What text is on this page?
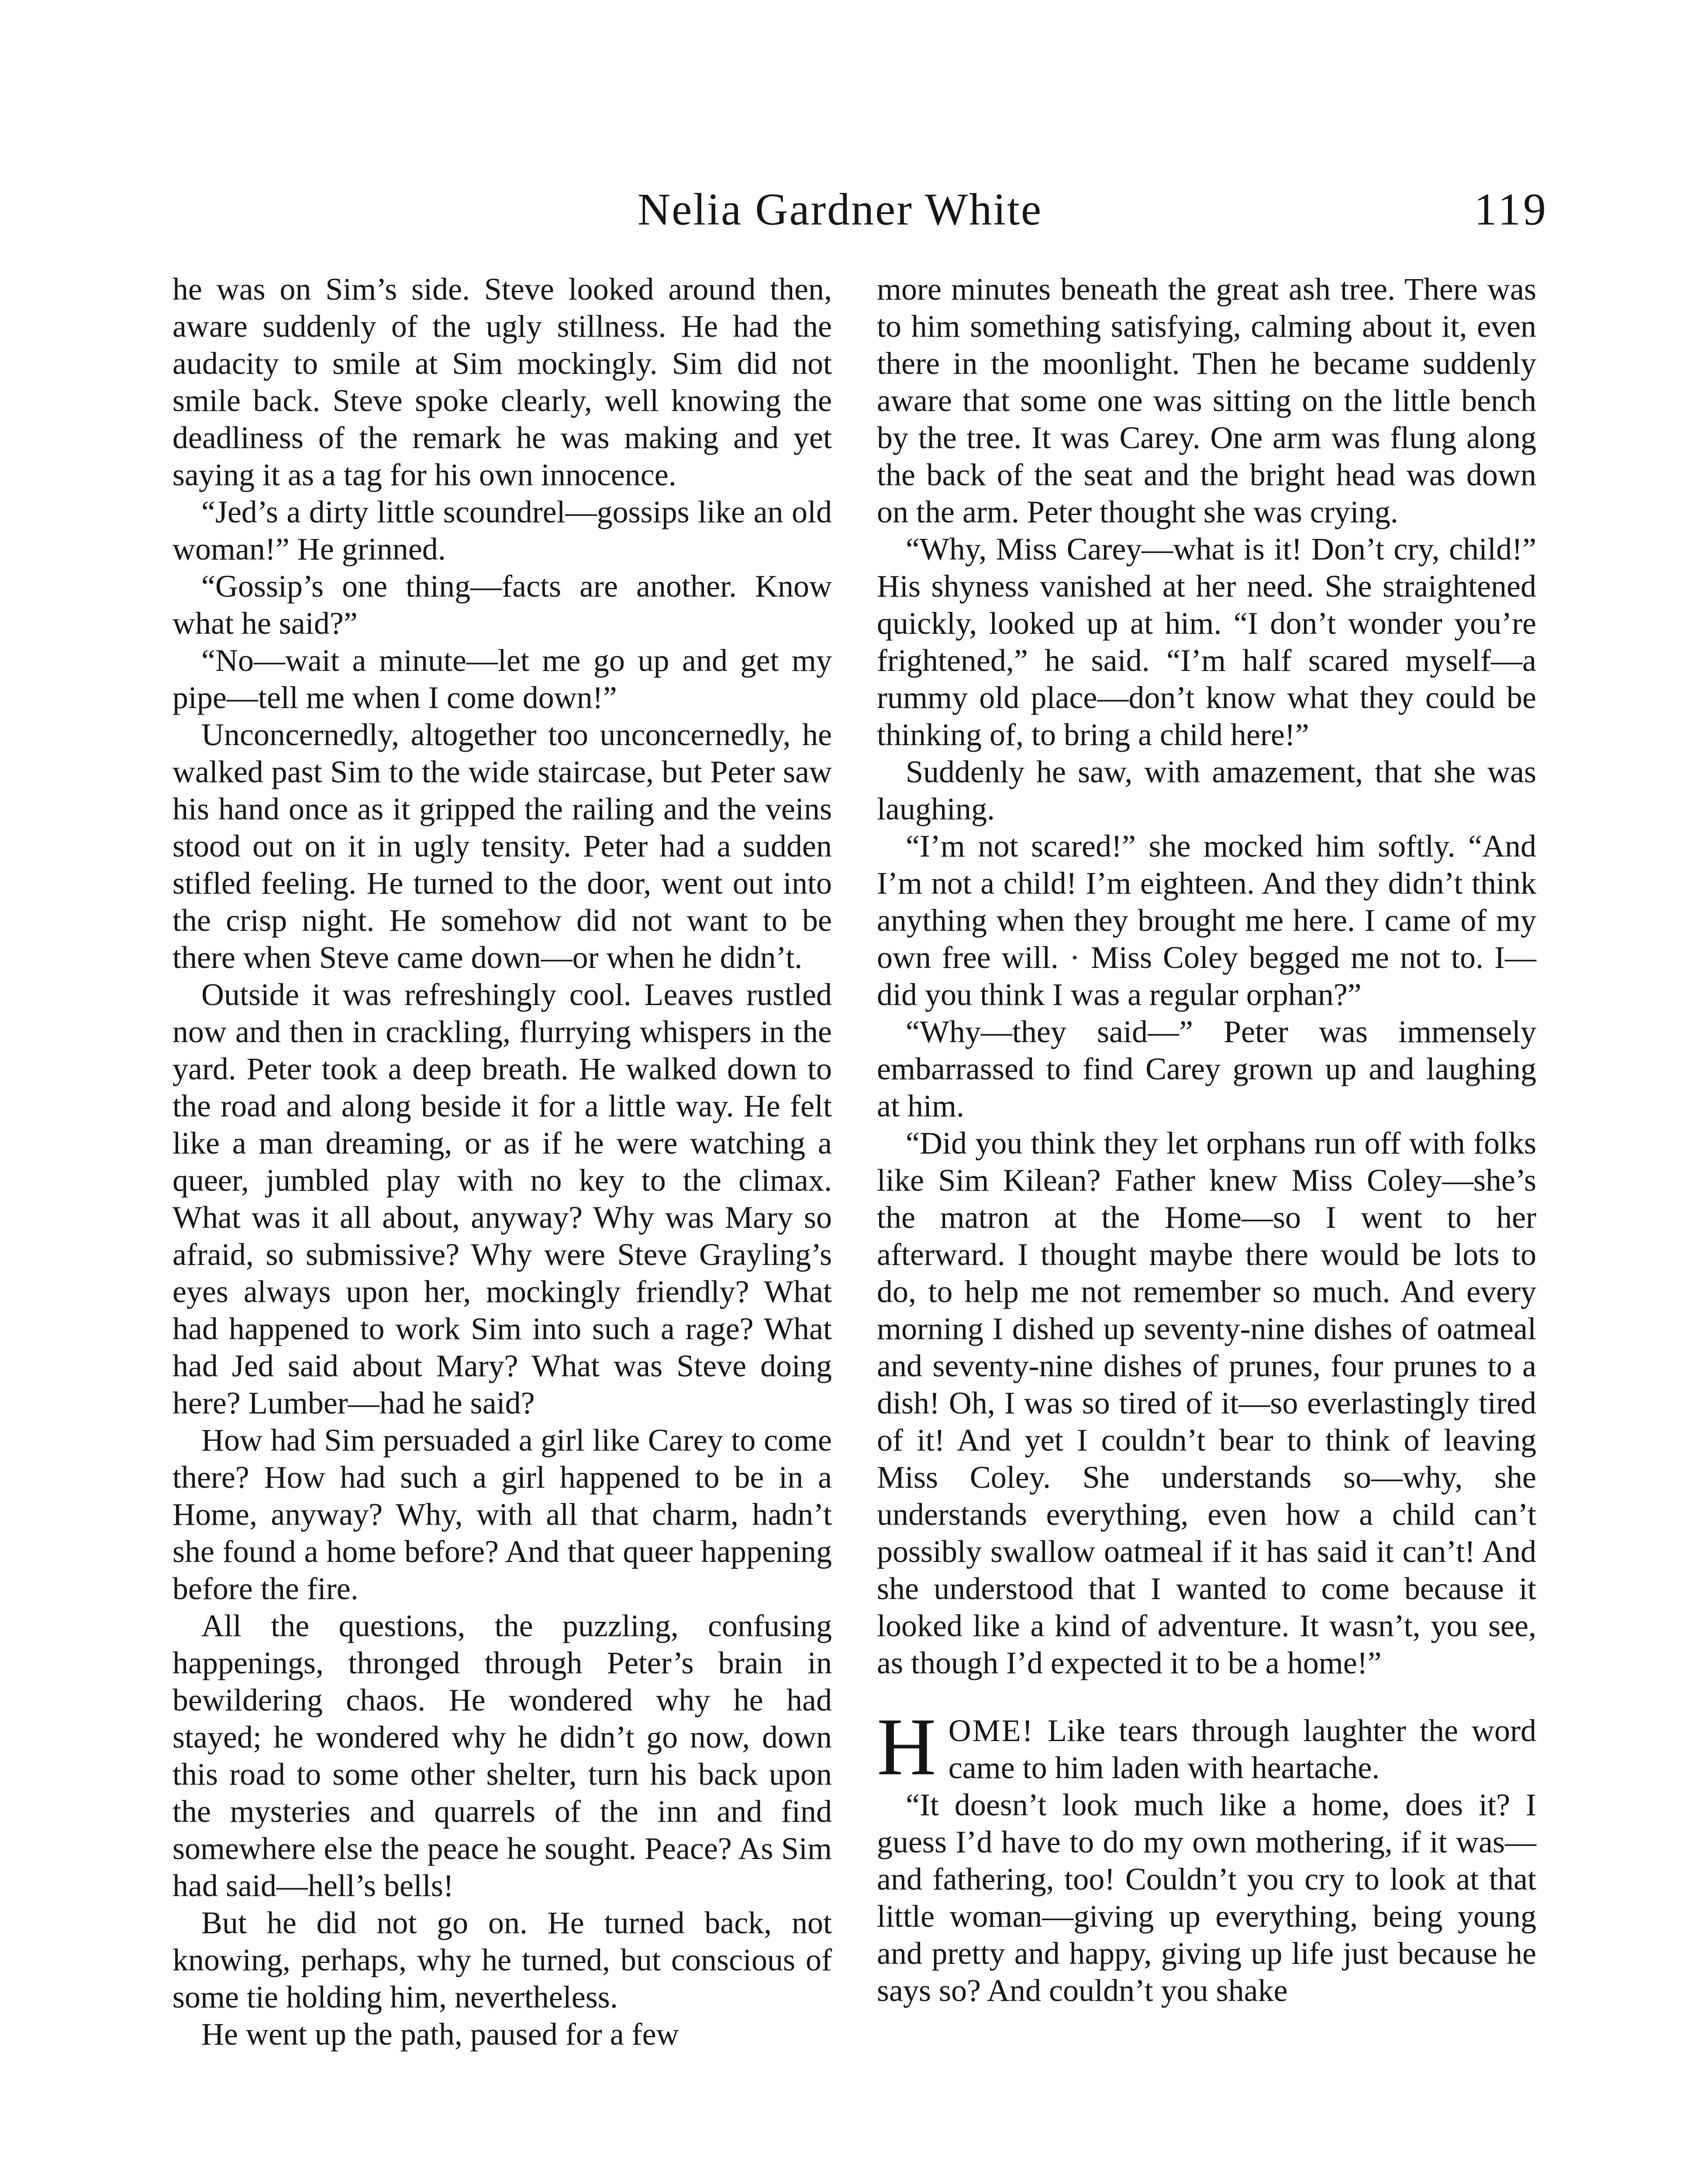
Nelia Gardner White	119

he was on Sim’s side. Steve looked around then, aware suddenly of the ugly stillness. He had the audacity to smile at Sim mockingly. Sim did not smile back. Steve spoke clearly, well knowing the deadliness of the remark he was making and yet saying it as a tag for his own innocence.

“Jed’s a dirty little scoundrel—gossips like an old woman!” He grinned.

“Gossip’s one thing—facts are another. Know what he said?”

“No—wait a minute—let me go up and get my pipe—tell me when I come down!”

Unconcernedly, altogether too unconcernedly, he walked past Sim to the wide staircase, but Peter saw his hand once as it gripped the railing and the veins stood out on it in ugly tensity. Peter had a sudden stifled feeling. He turned to the door, went out into the crisp night. He somehow did not want to be there when Steve came down—or when he didn’t.

Outside it was refreshingly cool. Leaves rustled now and then in crackling, flurrying whispers in the yard. Peter took a deep breath. He walked down to the road and along beside it for a little way. He felt like a man dreaming, or as if he were watching a queer, jumbled play with no key to the climax. What was it all about, anyway? Why was Mary so afraid, so submissive? Why were Steve Grayling’s eyes always upon her, mockingly friendly? What had happened to work Sim into such a rage? What had Jed said about Mary? What was Steve doing here? Lumber—had he said?

How had Sim persuaded a girl like Carey to come there? How had such a girl happened to be in a Home, anyway? Why, with all that charm, hadn’t she found a home before? And that queer happening before the fire.

All the questions, the puzzling, confusing happenings, thronged through Peter’s brain in bewildering chaos. He wondered why he had stayed; he wondered why he didn’t go now, down this road to some other shelter, turn his back upon the mysteries and quarrels of the inn and find somewhere else the peace he sought. Peace? As Sim had said—hell’s bells!

But he did not go on. He turned back, not knowing, perhaps, why he turned, but conscious of some tie holding him, nevertheless.

He went up the path, paused for a few

more minutes beneath the great ash tree. There was to him something satisfying, calming about it, even there in the moonlight. Then he became suddenly aware that some one was sitting on the little bench by the tree. It was Carey. One arm was flung along the back of the seat and the bright head was down on the arm. Peter thought she was crying.

“Why, Miss Carey—what is it! Don’t cry, child!” His shyness vanished at her need. She straightened quickly, looked up at him. “I don’t wonder you’re frightened,” he said. “I’m half scared myself—a rummy old place—don’t know what they could be thinking of, to bring a child here!”

Suddenly he saw, with amazement, that she was laughing.

“I’m not scared!” she mocked him softly. “And I’m not a child! I’m eighteen. And they didn’t think anything when they brought me here. I came of my own free will. · Miss Coley begged me not to. I—did you think I was a regular orphan?”

“Why—they said—” Peter was immensely embarrassed to find Carey grown up and laughing at him.

“Did you think they let orphans run off with folks like Sim Kilean? Father knew Miss Coley—she’s the matron at the Home—so I went to her afterward. I thought maybe there would be lots to do, to help me not remember so much. And every morning I dished up seventy-nine dishes of oatmeal and seventy-nine dishes of prunes, four prunes to a dish! Oh, I was so tired of it—so everlastingly tired of it! And yet I couldn’t bear to think of leaving Miss Coley. She understands so—why, she understands everything, even how a child can’t possibly swallow oatmeal if it has said it can’t! And she understood that I wanted to come because it looked like a kind of adventure. It wasn’t, you see, as though I’d expected it to be a home!”

HOME! Like tears through laughter the word came to him laden with heartache.

“It doesn’t look much like a home, does it? I guess I’d have to do my own mothering, if it was—and fathering, too! Couldn’t you cry to look at that little woman—giving up everything, being young and pretty and happy, giving up life just because he says so? And couldn’t you shake
